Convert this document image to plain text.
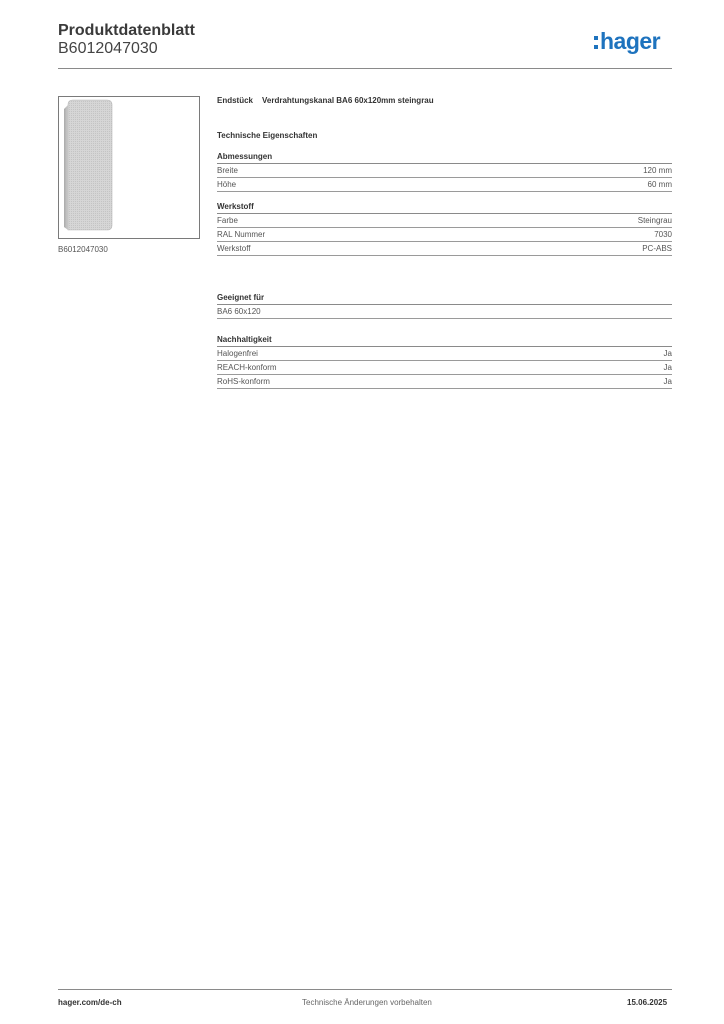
Produktdatenblatt
B6012047030	hager
B6012047030
Endstück Verdrahtungskanal BA6 60x120mm steingrau
Technische Eigenschaften
Abmessungen
Breite	120 mm
Höhe	60 mm
Werkstoff
Farbe	Steingrau
RAL Nummer	7030
Werkstoff	PC-ABS
Geeignet für
BA6 60x120
Nachhaltigkeit
Halogenfrei	Ja
REACH-konform	Ja
RoHS-konform	Ja
hager.com/de-ch	Technische Änderungen vorbehalten	15.06.2025
